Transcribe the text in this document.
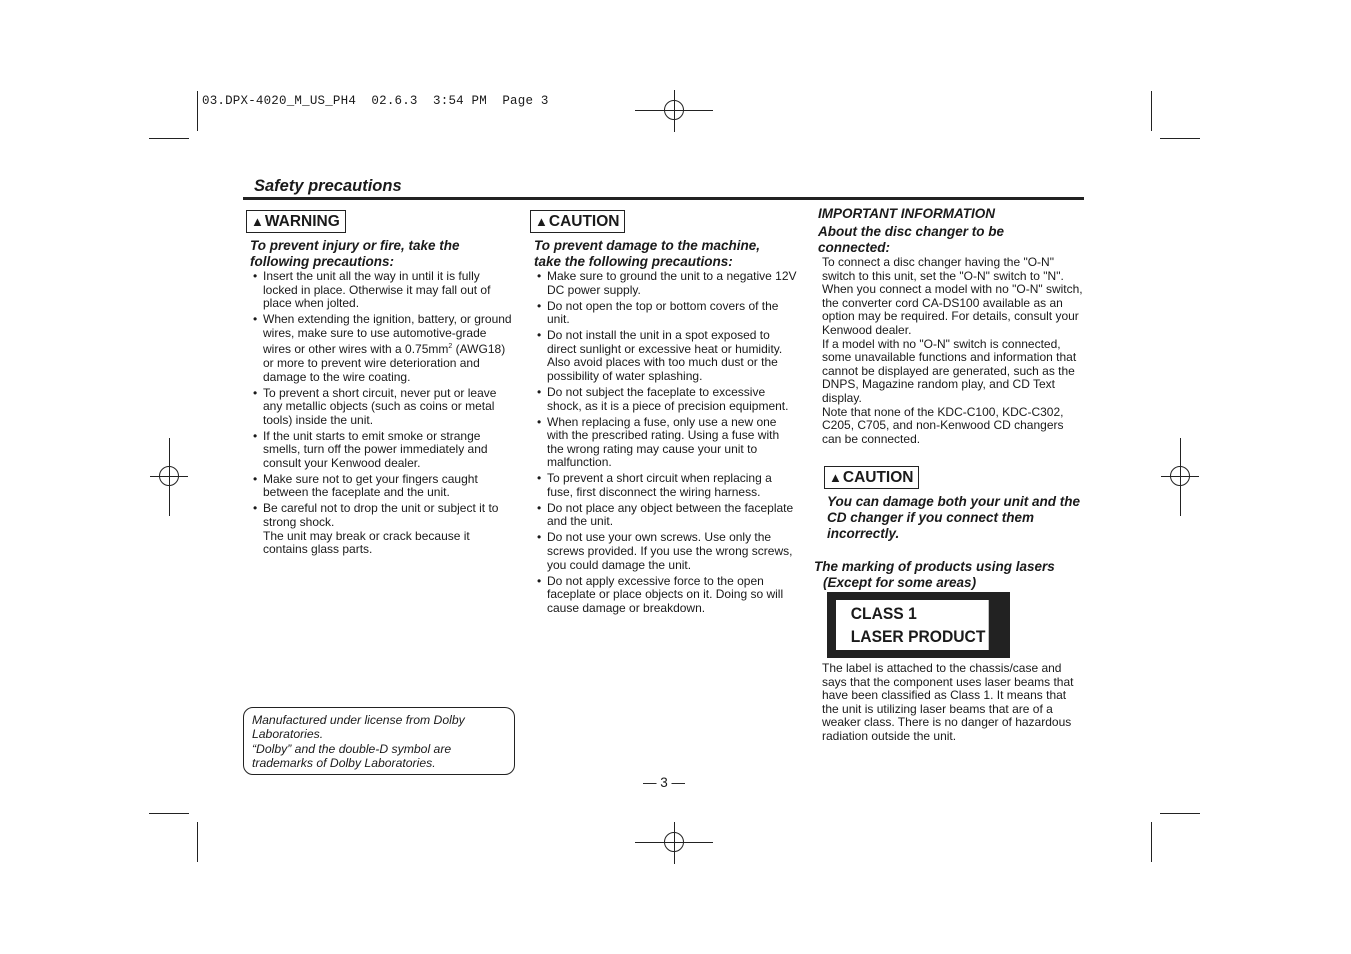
03.DPX-4020_M_US_PH4  02.6.3  3:54 PM  Page 3
Safety precautions
▲WARNING
To prevent injury or fire, take the
following precautions:
• Insert the unit all the way in until it is fully locked in place. Otherwise it may fall out of place when jolted.
• When extending the ignition, battery, or ground wires, make sure to use automotive-grade wires or other wires with a $0.75mm^2$ (AWG18) or more to prevent wire deterioration and damage to the wire coating.
• To prevent a short circuit, never put or leave any metallic objects (such as coins or metal tools) inside the unit.
• If the unit starts to emit smoke or strange smells, turn off the power immediately and consult your Kenwood dealer.
• Make sure not to get your fingers caught between the faceplate and the unit.
• Be careful not to drop the unit or subject it to strong shock.
The unit may break or crack because it contains glass parts.

Manufactured under license from Dolby Laboratories.

“Dolby” and the double-D symbol are trademarks of Dolby Laboratories.

▲CAUTION
To prevent damage to the machine,
take the following precautions:
• Make sure to ground the unit to a negative 12V DC power supply.
• Do not open the top or bottom covers of the unit.
• Do not install the unit in a spot exposed to direct sunlight or excessive heat or humidity. Also avoid places with too much dust or the possibility of water splashing.
• Do not subject the faceplate to excessive shock, as it is a piece of precision equipment.
• When replacing a fuse, only use a new one with the prescribed rating. Using a fuse with the wrong rating may cause your unit to malfunction.
• To prevent a short circuit when replacing a fuse, first disconnect the wiring harness.
• Do not place any object between the faceplate and the unit.
• Do not use your own screws. Use only the screws provided. If you use the wrong screws, you could damage the unit.
• Do not apply excessive force to the open faceplate or place objects on it. Doing so will cause damage or breakdown.
IMPORTANT INFORMATION
About the disc changer to be
connected:

To connect a disc changer having the "O-N" switch to this unit, set the "O-N" switch to "N".

When you connect a model with no "O-N" switch, the converter cord CA-DS100 available as an option may be required. For details, consult your Kenwood dealer.

If a model with no "O-N" switch is connected, some unavailable functions and information that cannot be displayed are generated, such as the DNPS, Magazine random play, and CD Text display.

Note that none of the KDC-C100, KDC-C302, C205, C705, and non-Kenwood CD changers can be connected.

▲CAUTION
You can damage both your unit and the CD changer if you connect them incorrectly.
The marking of products using lasers
(Except for some areas)
CLASS 1
LASER PRODUCT
The label is attached to the chassis/case and says that the component uses laser beams that have been classified as Class 1. It means that the unit is utilizing laser beams that are of a weaker class. There is no danger of hazardous radiation outside the unit.
— 3 —
